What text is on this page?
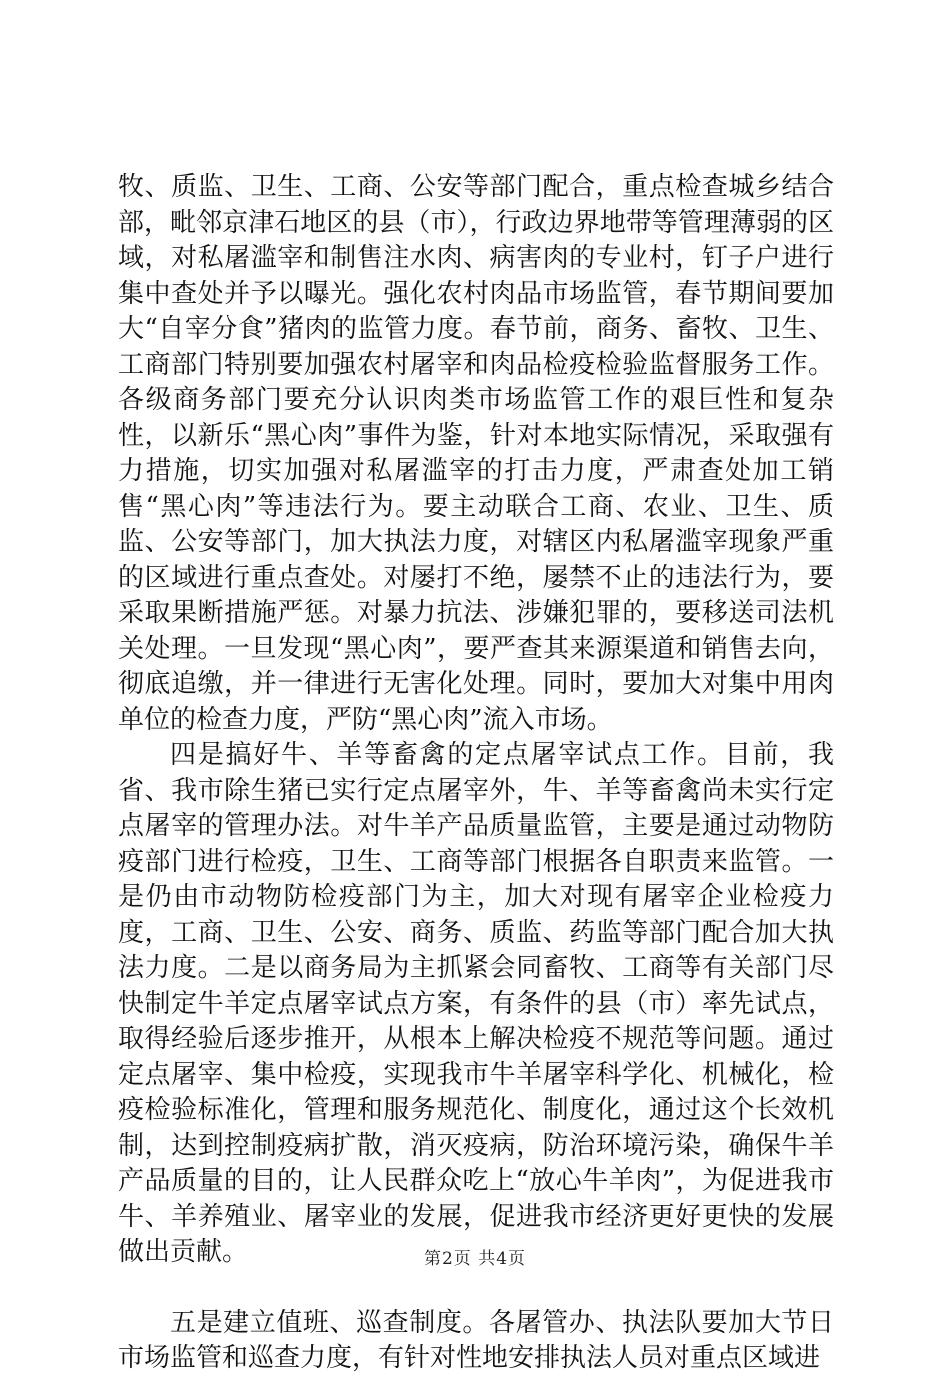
牧、质监、卫生、工商、公安等部门配合，重点检查城乡结合部，毗邻京津石地区的县（市），行政边界地带等管理薄弱的区域，对私屠滥宰和制售注水肉、病害肉的专业村，钉子户进行集中查处并予以曝光。强化农村肉品市场监管，春节期间要加大“自宰分食”猪肉的监管力度。春节前，商务、畜牧、卫生、工商部门特别要加强农村屠宰和肉品检疫检验监督服务工作。各级商务部门要充分认识肉类市场监管工作的艰巨性和复杂性，以新乐“黑心肉”事件为鉴，针对本地实际情况，采取强有力措施，切实加强对私屠滥宰的打击力度，严肃查处加工销售“黑心肉”等违法行为。要主动联合工商、农业、卫生、质监、公安等部门，加大执法力度，对辖区内私屠滥宰现象严重的区域进行重点查处。对屡打不绝，屡禁不止的违法行为，要采取果断措施严惩。对暴力抗法、涉嫌犯罪的，要移送司法机关处理。一旦发现“黑心肉”，要严查其来源渠道和销售去向，彻底追缴，并一律进行无害化处理。同时，要加大对集中用肉单位的检查力度，严防“黑心肉”流入市场。

四是搞好牛、羊等畜禽的定点屠宰试点工作。目前，我省、我市除生猪已实行定点屠宰外，牛、羊等畜禽尚未实行定点屠宰的管理办法。对牛羊产品质量监管，主要是通过动物防疫部门进行检疫，卫生、工商等部门根据各自职责来监管。一是仍由市动物防检疫部门为主，加大对现有屠宰企业检疫力度，工商、卫生、公安、商务、质监、药监等部门配合加大执法力度。二是以商务局为主抓紧会同畜牧、工商等有关部门尽快制定牛羊定点屠宰试点方案，有条件的县（市）率先试点，取得经验后逐步推开，从根本上解决检疫不规范等问题。通过定点屠宰、集中检疫，实现我市牛羊屠宰科学化、机械化，检疫检验标准化，管理和服务规范化、制度化，通过这个长效机制，达到控制疫病扩散，消灭疫病，防治环境污染，确保牛羊产品质量的目的，让人民群众吃上“放心牛羊肉”，为促进我市牛、羊养殖业、屠宰业的发展，促进我市经济更好更快的发展做出贡献。

五是建立值班、巡查制度。各屠管办、执法队要加大节日市场监管和巡查力度，有针对性地安排执法人员对重点区域进

第2页 共4页
